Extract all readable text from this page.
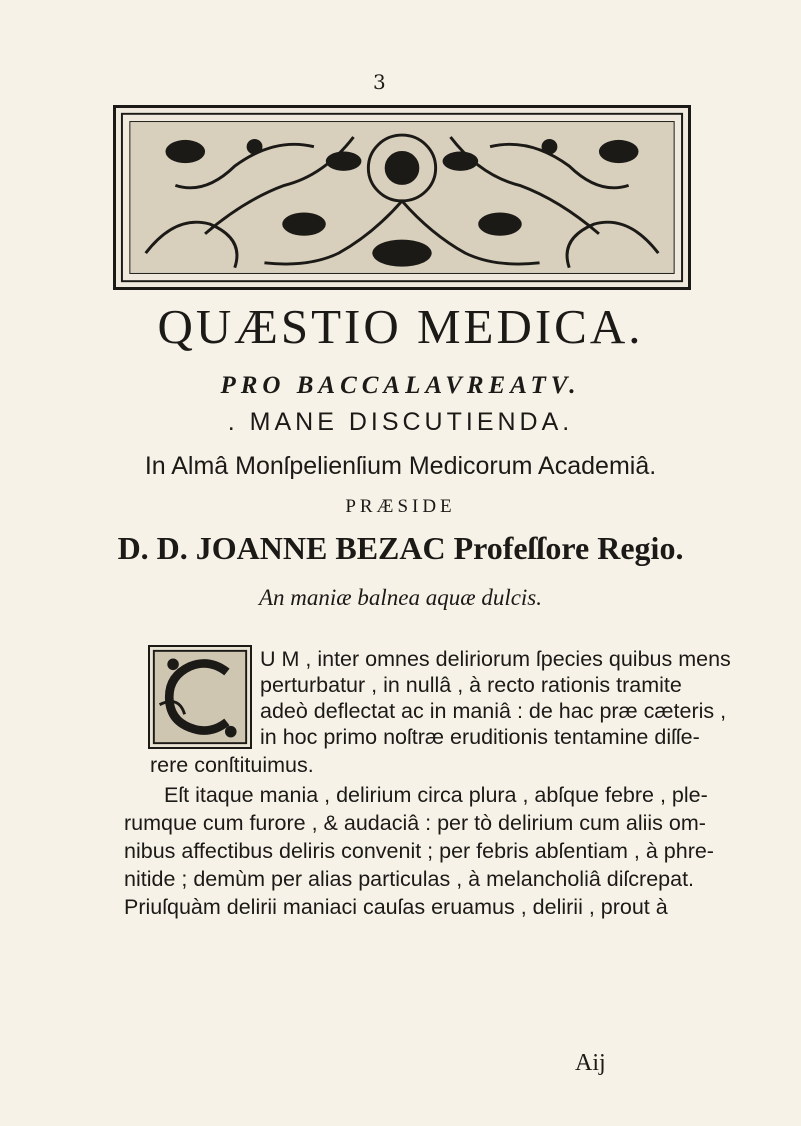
3
QUÆSTIO MEDICA.
PRO BACCALAVREATV.
. MANE DISCUTIENDA.
In Almâ Monſpelienſium Medicorum Academiâ.
PRÆSIDE
D. D. JOANNE BEZAC Profeſſore Regio.
An maniæ balnea aquæ dulcis.
U M , inter omnes deliriorum ſpecies quibus mens
perturbatur , in nullâ , à recto rationis tramite
adeò deflectat ac in maniâ : de hac præ cæteris ,
in hoc primo noſtræ eruditionis tentamine diſſe-
rere conſtituimus.
Eſt itaque mania , delirium circa plura , abſque febre , ple-
rumque cum furore , & audaciâ : per tò delirium cum aliis om-
nibus affectibus deliris convenit ; per febris abſentiam , à phre-
nitide ; demùm per alias particulas , à melancholiâ diſcrepat.
Priuſquàm delirii maniaci cauſas eruamus , delirii , prout à
Aij
